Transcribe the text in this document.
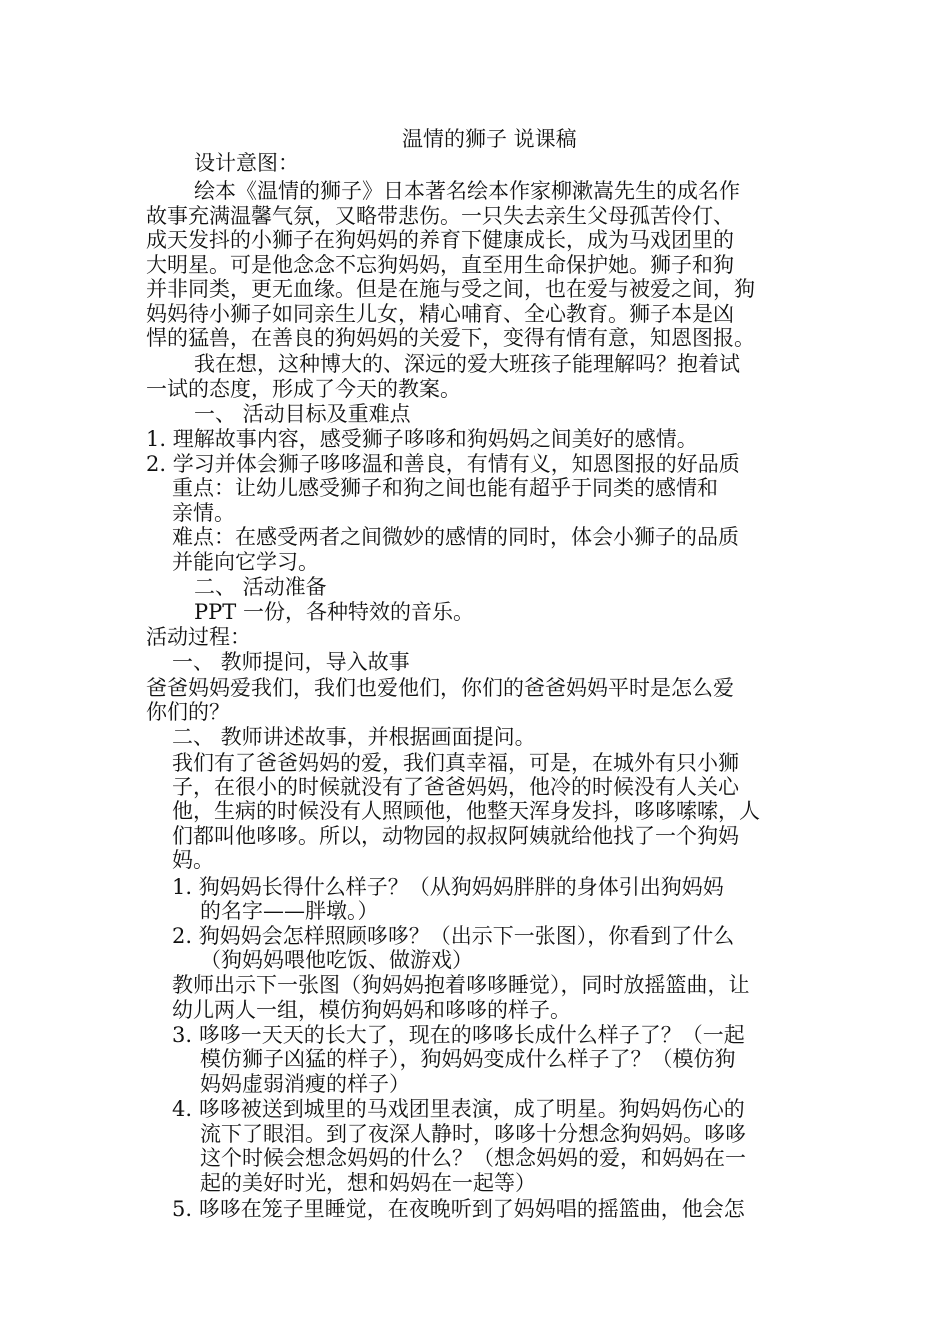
温情的狮子 说课稿
设计意图：
绘本《温情的狮子》日本著名绘本作家柳漱嵩先生的成名作
故事充满温馨气氛，又略带悲伤。一只失去亲生父母孤苦伶仃、
成天发抖的小狮子在狗妈妈的养育下健康成长，成为马戏团里的
大明星。可是他念念不忘狗妈妈，直至用生命保护她。狮子和狗
并非同类，更无血缘。但是在施与受之间，也在爱与被爱之间，狗
妈妈待小狮子如同亲生儿女，精心哺育、全心教育。狮子本是凶
悍的猛兽，在善良的狗妈妈的关爱下，变得有情有意，知恩图报。
我在想，这种博大的、深远的爱大班孩子能理解吗？抱着试
一试的态度，形成了今天的教案。
一、 活动目标及重难点
1. 理解故事内容，感受狮子哆哆和狗妈妈之间美好的感情。
2. 学习并体会狮子哆哆温和善良，有情有义，知恩图报的好品质
重点：让幼儿感受狮子和狗之间也能有超乎于同类的感情和
亲情。
难点：在感受两者之间微妙的感情的同时，体会小狮子的品质
并能向它学习。
二、 活动准备
PPT 一份，各种特效的音乐。
活动过程：
一、 教师提问，导入故事
爸爸妈妈爱我们，我们也爱他们，你们的爸爸妈妈平时是怎么爱
你们的？
二、 教师讲述故事，并根据画面提问。
我们有了爸爸妈妈的爱，我们真幸福，可是，在城外有只小狮
子，在很小的时候就没有了爸爸妈妈，他冷的时候没有人关心
他，生病的时候没有人照顾他，他整天浑身发抖，哆哆嗦嗦，人
们都叫他哆哆。所以，动物园的叔叔阿姨就给他找了一个狗妈
妈。
1. 狗妈妈长得什么样子？（从狗妈妈胖胖的身体引出狗妈妈
的名字——胖墩。）
2. 狗妈妈会怎样照顾哆哆？（出示下一张图），你看到了什么
（狗妈妈喂他吃饭、做游戏）
教师出示下一张图（狗妈妈抱着哆哆睡觉），同时放摇篮曲，让
幼儿两人一组，模仿狗妈妈和哆哆的样子。
3. 哆哆一天天的长大了，现在的哆哆长成什么样子了？（一起
模仿狮子凶猛的样子），狗妈妈变成什么样子了？（模仿狗
妈妈虚弱消瘦的样子）
4. 哆哆被送到城里的马戏团里表演，成了明星。狗妈妈伤心的
流下了眼泪。到了夜深人静时，哆哆十分想念狗妈妈。哆哆
这个时候会想念妈妈的什么？（想念妈妈的爱，和妈妈在一
起的美好时光，想和妈妈在一起等）
5. 哆哆在笼子里睡觉，在夜晚听到了妈妈唱的摇篮曲，他会怎
